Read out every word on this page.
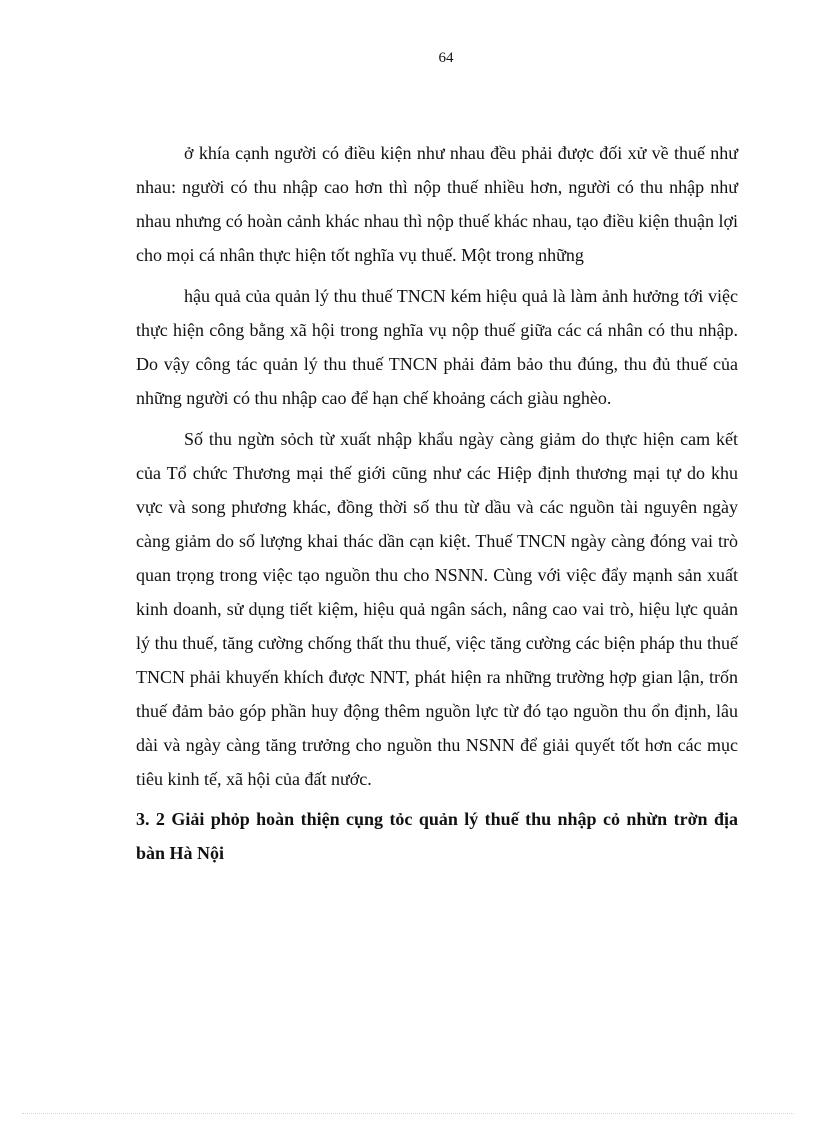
64

ở khía cạnh người có điều kiện như nhau đều phải được đối xử về thuế như nhau: người có thu nhập cao hơn thì nộp thuế nhiều hơn, người có thu nhập như nhau nhưng có hoàn cảnh khác nhau thì nộp thuế khác nhau, tạo điều kiện thuận lợi cho mọi cá nhân thực hiện tốt nghĩa vụ thuế. Một trong những

hậu quả của quản lý thu thuế TNCN kém hiệu quả là làm ảnh hưởng tới việc thực hiện công bằng xã hội trong nghĩa vụ nộp thuế giữa các cá nhân có thu nhập. Do vậy công tác quản lý thu thuế TNCN phải đảm bảo thu đúng, thu đủ thuế của những người có thu nhập cao để hạn chế khoảng cách giàu nghèo.

Số thu ngừn sỏch từ xuất nhập khẩu ngày càng giảm do thực hiện cam kết của Tổ chức Thương mại thế giới cũng như các Hiệp định thương mại tự do khu vực và song phương khác, đồng thời số thu từ dầu và các nguồn tài nguyên ngày càng giảm do số lượng khai thác dần cạn kiệt. Thuế TNCN ngày càng đóng vai trò quan trọng trong việc tạo nguồn thu cho NSNN. Cùng với việc đẩy mạnh sản xuất kinh doanh, sử dụng tiết kiệm, hiệu quả ngân sách, nâng cao vai trò, hiệu lực quản lý thu thuế, tăng cường chống thất thu thuế, việc tăng cường các biện pháp thu thuế TNCN phải khuyến khích được NNT, phát hiện ra những trường hợp gian lận, trốn thuế đảm bảo góp phần huy động thêm nguồn lực từ đó tạo nguồn thu ổn định, lâu dài và ngày càng tăng trưởng cho nguồn thu NSNN để giải quyết tốt hơn các mục tiêu kinh tế, xã hội của đất nước.

3. 2 Giải phỏp hoàn thiện cụng tỏc quản lý thuế thu nhập cỏ nhừn trờn địa bàn Hà Nội
